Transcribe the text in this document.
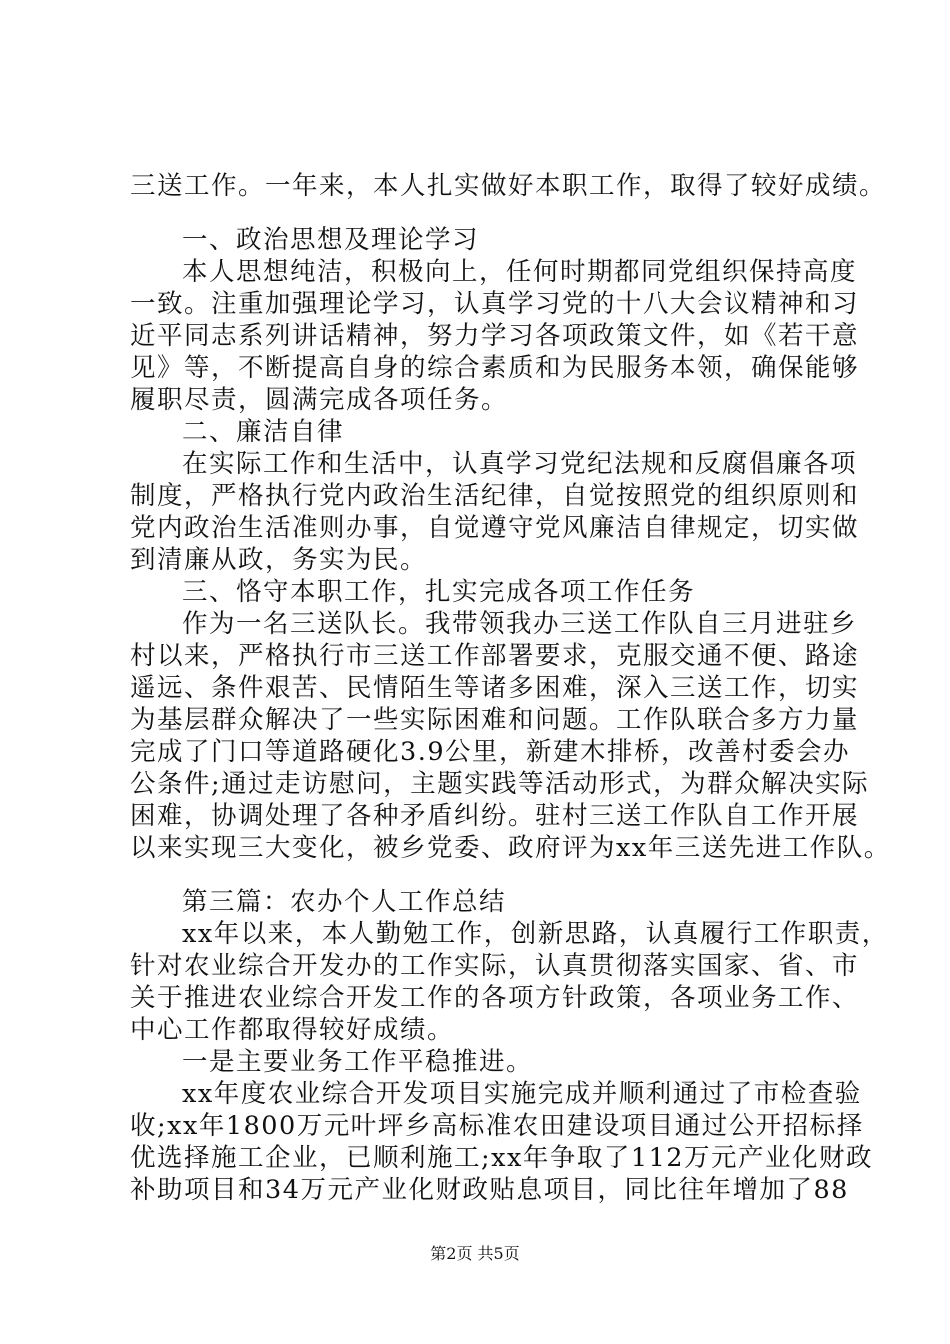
三送工作。一年来，本人扎实做好本职工作，取得了较好成绩。
一、政治思想及理论学习
本人思想纯洁，积极向上，任何时期都同党组织保持高度
一致。注重加强理论学习，认真学习党的十八大会议精神和习
近平同志系列讲话精神，努力学习各项政策文件，如《若干意
见》等，不断提高自身的综合素质和为民服务本领，确保能够
履职尽责，圆满完成各项任务。
二、廉洁自律
在实际工作和生活中，认真学习党纪法规和反腐倡廉各项
制度，严格执行党内政治生活纪律，自觉按照党的组织原则和
党内政治生活准则办事，自觉遵守党风廉洁自律规定，切实做
到清廉从政，务实为民。
三、恪守本职工作，扎实完成各项工作任务
作为一名三送队长。我带领我办三送工作队自三月进驻乡
村以来，严格执行市三送工作部署要求，克服交通不便、路途
遥远、条件艰苦、民情陌生等诸多困难，深入三送工作，切实
为基层群众解决了一些实际困难和问题。工作队联合多方力量
完成了门口等道路硬化3.9公里，新建木排桥，改善村委会办
公条件;通过走访慰问，主题实践等活动形式，为群众解决实际
困难，协调处理了各种矛盾纠纷。驻村三送工作队自工作开展
以来实现三大变化，被乡党委、政府评为xx年三送先进工作队。
第三篇：农办个人工作总结
xx年以来，本人勤勉工作，创新思路，认真履行工作职责，
针对农业综合开发办的工作实际，认真贯彻落实国家、省、市
关于推进农业综合开发工作的各项方针政策，各项业务工作、
中心工作都取得较好成绩。
一是主要业务工作平稳推进。
xx年度农业综合开发项目实施完成并顺利通过了市检查验
收;xx年1800万元叶坪乡高标准农田建设项目通过公开招标择
优选择施工企业，已顺利施工;xx年争取了112万元产业化财政
补助项目和34万元产业化财政贴息项目，同比往年增加了88
第2页 共5页
